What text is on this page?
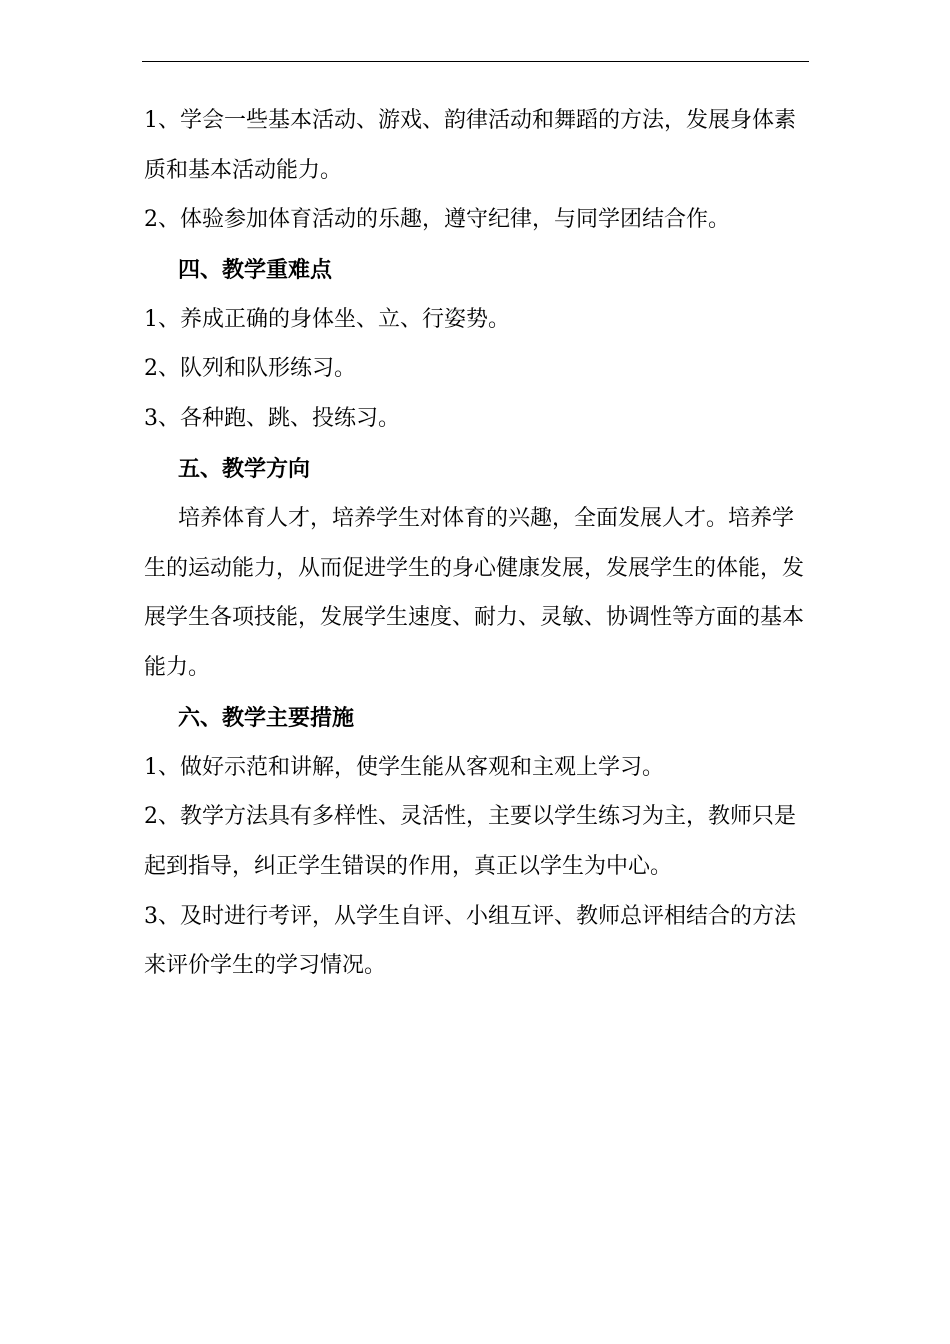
1、学会一些基本活动、游戏、韵律活动和舞蹈的方法，发展身体素
质和基本活动能力。
2、体验参加体育活动的乐趣，遵守纪律，与同学团结合作。
四、教学重难点
1、养成正确的身体坐、立、行姿势。
2、队列和队形练习。
3、各种跑、跳、投练习。
五、教学方向
培养体育人才，培养学生对体育的兴趣，全面发展人才。培养学
生的运动能力，从而促进学生的身心健康发展，发展学生的体能，发
展学生各项技能，发展学生速度、耐力、灵敏、协调性等方面的基本
能力。
六、教学主要措施
1、做好示范和讲解，使学生能从客观和主观上学习。
2、教学方法具有多样性、灵活性，主要以学生练习为主，教师只是
起到指导，纠正学生错误的作用，真正以学生为中心。
3、及时进行考评，从学生自评、小组互评、教师总评相结合的方法
来评价学生的学习情况。
